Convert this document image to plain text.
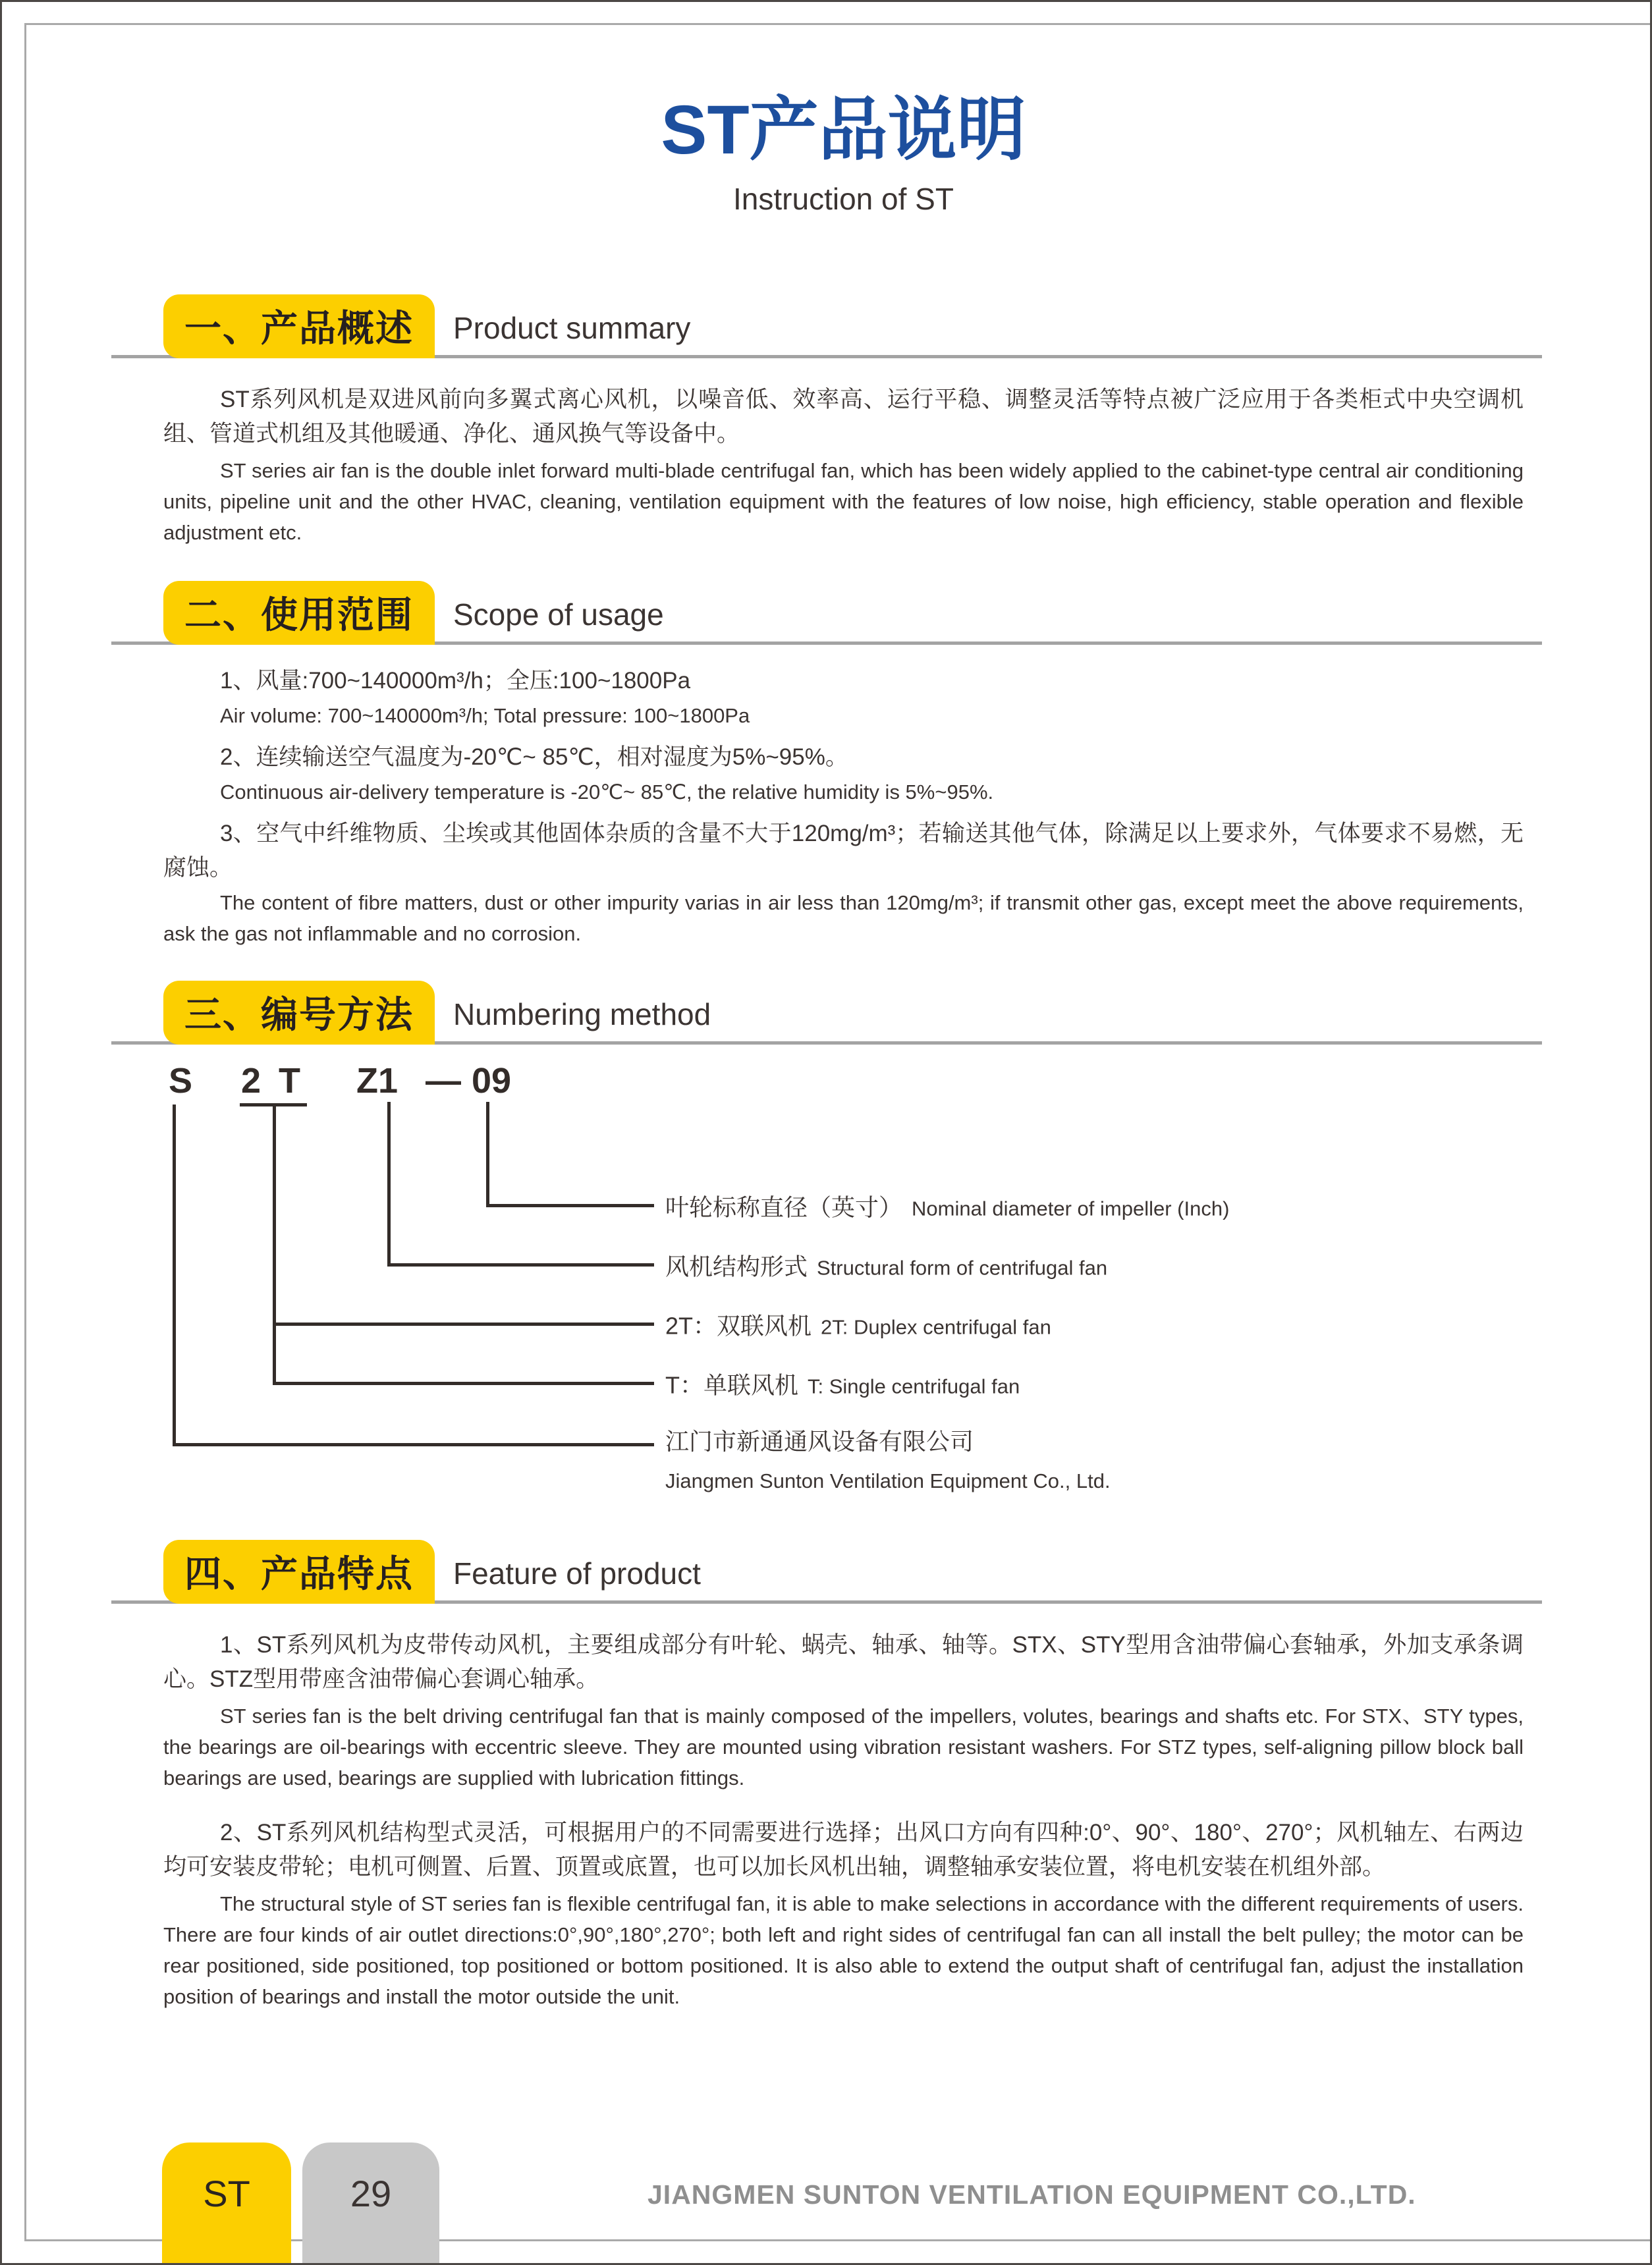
ST产品说明
Instruction of ST
一、产品概述	Product summary

ST系列风机是双进风前向多翼式离心风机，以噪音低、效率高、运行平稳、调整灵活等特点被广泛应用于各类柜式中央空调机组、管道式机组及其他暖通、净化、通风换气等设备中。

ST series air fan is the double inlet forward multi-blade centrifugal fan, which has been widely applied to the cabinet-type central air conditioning units, pipeline unit and the other HVAC, cleaning, ventilation equipment with the features of low noise, high efficiency, stable operation and flexible adjustment etc.

二、使用范围	Scope of usage

1、风量:700~140000m³/h；全压:100~1800Pa

Air volume: 700~140000m³/h; Total pressure: 100~1800Pa

2、连续输送空气温度为-20℃~ 85℃，相对湿度为5%~95%。

Continuous air-delivery temperature is -20℃~ 85℃, the relative humidity is 5%~95%.

3、空气中纤维物质、尘埃或其他固体杂质的含量不大于120mg/m³；若输送其他气体，除满足以上要求外，气体要求不易燃，无腐蚀。

The content of fibre matters, dust or other impurity varias in air less than 120mg/m³; if transmit other gas, except meet the above requirements, ask the gas not inflammable and no corrosion.

三、编号方法	Numbering method
S 2 T Z1 — 09
叶轮标称直径（英寸） Nominal diameter of impeller (Inch)
风机结构形式 Structural form of centrifugal fan
2T：双联风机 2T: Duplex centrifugal fan
T：单联风机 T: Single centrifugal fan
江门市新通通风设备有限公司
Jiangmen Sunton Ventilation Equipment Co., Ltd.
四、产品特点	Feature of product

1、ST系列风机为皮带传动风机，主要组成部分有叶轮、蜗壳、轴承、轴等。STX、STY型用含油带偏心套轴承，外加支承条调心。STZ型用带座含油带偏心套调心轴承。

ST series fan is the belt driving centrifugal fan that is mainly composed of the impellers, volutes, bearings and shafts etc. For STX、STY types, the bearings are oil-bearings with eccentric sleeve. They are mounted using vibration resistant washers. For STZ types, self-aligning pillow block ball bearings are used, bearings are supplied with lubrication fittings.

2、ST系列风机结构型式灵活，可根据用户的不同需要进行选择；出风口方向有四种:0°、90°、180°、270°；风机轴左、右两边均可安装皮带轮；电机可侧置、后置、顶置或底置，也可以加长风机出轴，调整轴承安装位置，将电机安装在机组外部。

The structural style of ST series fan is flexible centrifugal fan, it is able to make selections in accordance with the different requirements of users. There are four kinds of air outlet directions:0°,90°,180°,270°; both left and right sides of centrifugal fan can all install the belt pulley; the motor can be rear positioned, side positioned, top positioned or bottom positioned. It is also able to extend the output shaft of centrifugal fan, adjust the installation position of bearings and install the motor outside the unit.

ST	29	JIANGMEN SUNTON VENTILATION EQUIPMENT CO.,LTD.
